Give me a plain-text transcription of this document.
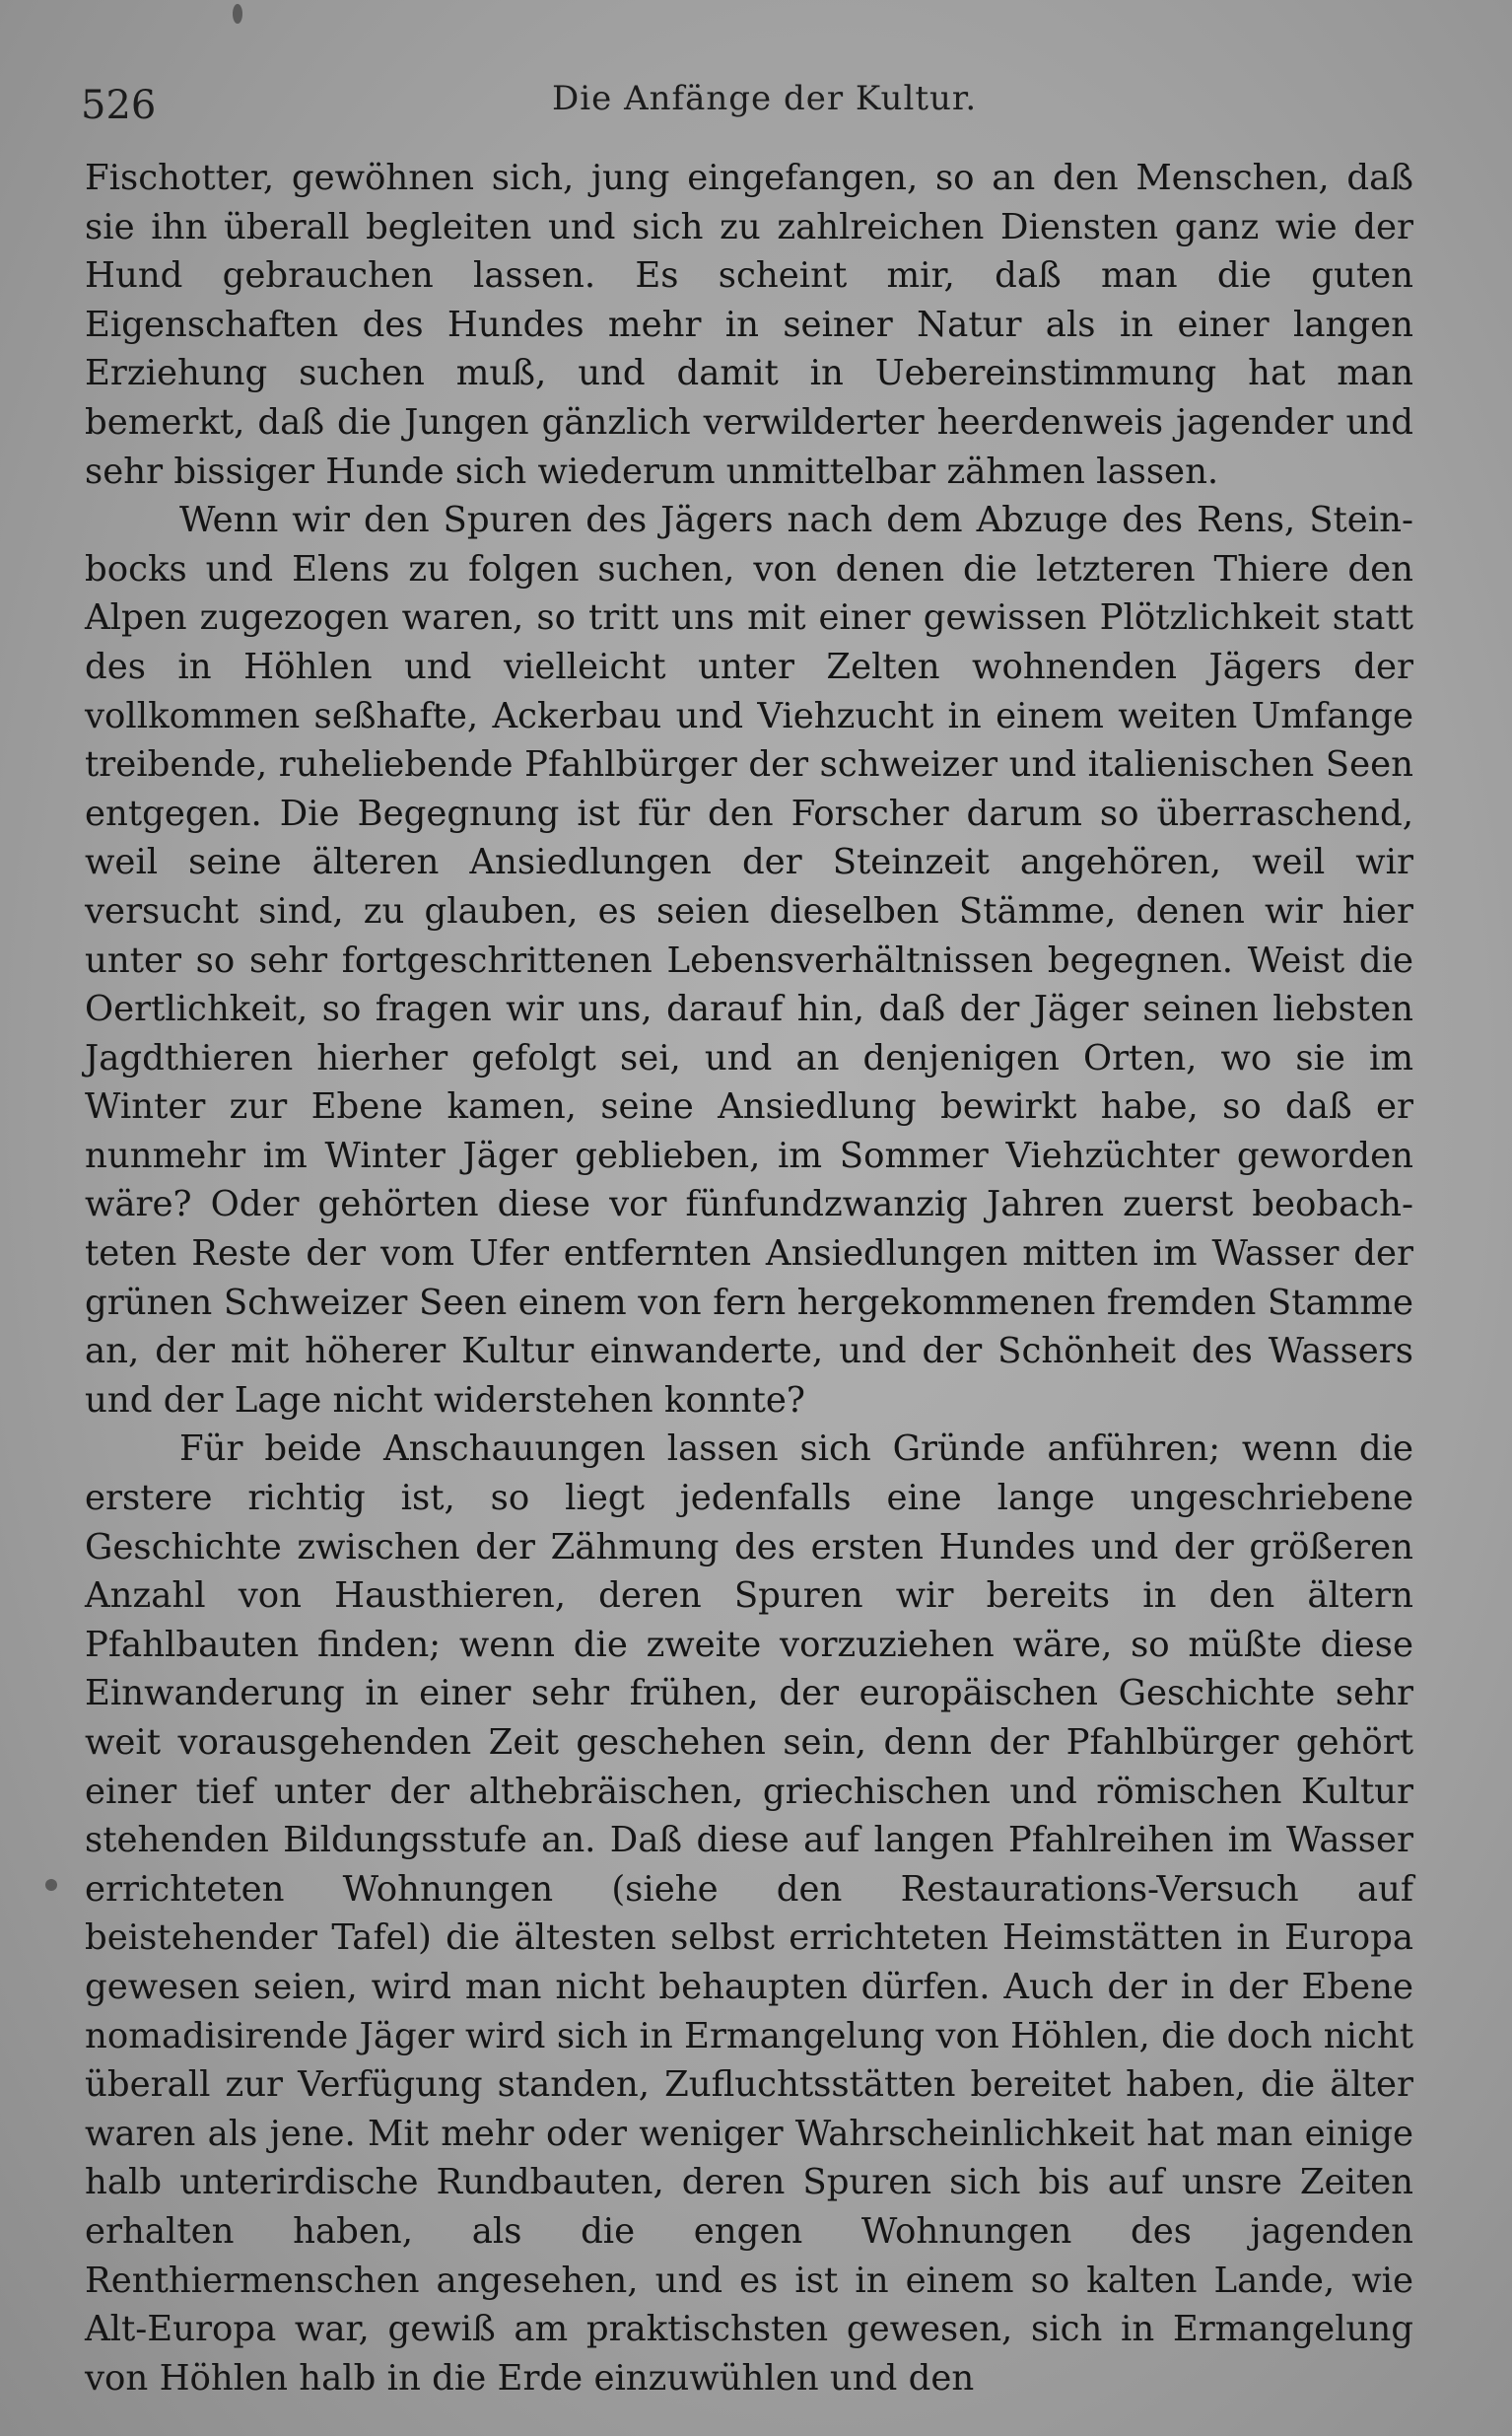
526	Die Anfänge der Kultur.

Fischotter, gewöhnen sich, jung eingefangen, so an den Menschen, daß sie ihn überall begleiten und sich zu zahlreichen Diensten ganz wie der Hund gebrauchen lassen. Es scheint mir, daß man die guten Eigenschaften des Hundes mehr in seiner Natur als in einer langen Erziehung suchen muß, und damit in Uebereinstimmung hat man bemerkt, daß die Jungen gänzlich verwilderter heerdenweis jagender und sehr bissiger Hunde sich wiederum unmittelbar zähmen lassen.

Wenn wir den Spuren des Jägers nach dem Abzuge des Rens, Steinbocks und Elens zu folgen suchen, von denen die letzteren Thiere den Alpen zugezogen waren, so tritt uns mit einer gewissen Plötzlichkeit statt des in Höhlen und vielleicht unter Zelten wohnenden Jägers der vollkommen seßhafte, Ackerbau und Viehzucht in einem weiten Umfange treibende, ruheliebende Pfahlbürger der schweizer und italienischen Seen entgegen. Die Begegnung ist für den Forscher darum so überraschend, weil seine älteren Ansiedlungen der Steinzeit angehören, weil wir versucht sind, zu glauben, es seien dieselben Stämme, denen wir hier unter so sehr fortgeschrittenen Lebensverhältnissen begegnen. Weist die Oertlichkeit, so fragen wir uns, darauf hin, daß der Jäger seinen liebsten Jagdthieren hierher gefolgt sei, und an denjenigen Orten, wo sie im Winter zur Ebene kamen, seine Ansiedlung bewirkt habe, so daß er nunmehr im Winter Jäger geblieben, im Sommer Viehzüchter geworden wäre? Oder gehörten diese vor fünfundzwanzig Jahren zuerst beobachteten Reste der vom Ufer entfernten Ansiedlungen mitten im Wasser der grünen Schweizer Seen einem von fern hergekommenen fremden Stamme an, der mit höherer Kultur einwanderte, und der Schönheit des Wassers und der Lage nicht widerstehen konnte?

Für beide Anschauungen lassen sich Gründe anführen; wenn die erstere richtig ist, so liegt jedenfalls eine lange ungeschriebene Geschichte zwischen der Zähmung des ersten Hundes und der größeren Anzahl von Hausthieren, deren Spuren wir bereits in den ältern Pfahlbauten finden; wenn die zweite vorzuziehen wäre, so müßte diese Einwanderung in einer sehr frühen, der europäischen Geschichte sehr weit vorausgehenden Zeit geschehen sein, denn der Pfahlbürger gehört einer tief unter der althebräischen, griechischen und römischen Kultur stehenden Bildungsstufe an. Daß diese auf langen Pfahlreihen im Wasser errichteten Wohnungen (siehe den Restaurations-Versuch auf beistehender Tafel) die ältesten selbst errichteten Heimstätten in Europa gewesen seien, wird man nicht behaupten dürfen. Auch der in der Ebene nomadisirende Jäger wird sich in Ermangelung von Höhlen, die doch nicht überall zur Verfügung standen, Zufluchtsstätten bereitet haben, die älter waren als jene. Mit mehr oder weniger Wahrscheinlichkeit hat man einige halb unterirdische Rundbauten, deren Spuren sich bis auf unsre Zeiten erhalten haben, als die engen Wohnungen des jagenden Renthiermenschen angesehen, und es ist in einem so kalten Lande, wie Alt-Europa war, gewiß am praktischsten gewesen, sich in Ermangelung von Höhlen halb in die Erde einzuwühlen und den
